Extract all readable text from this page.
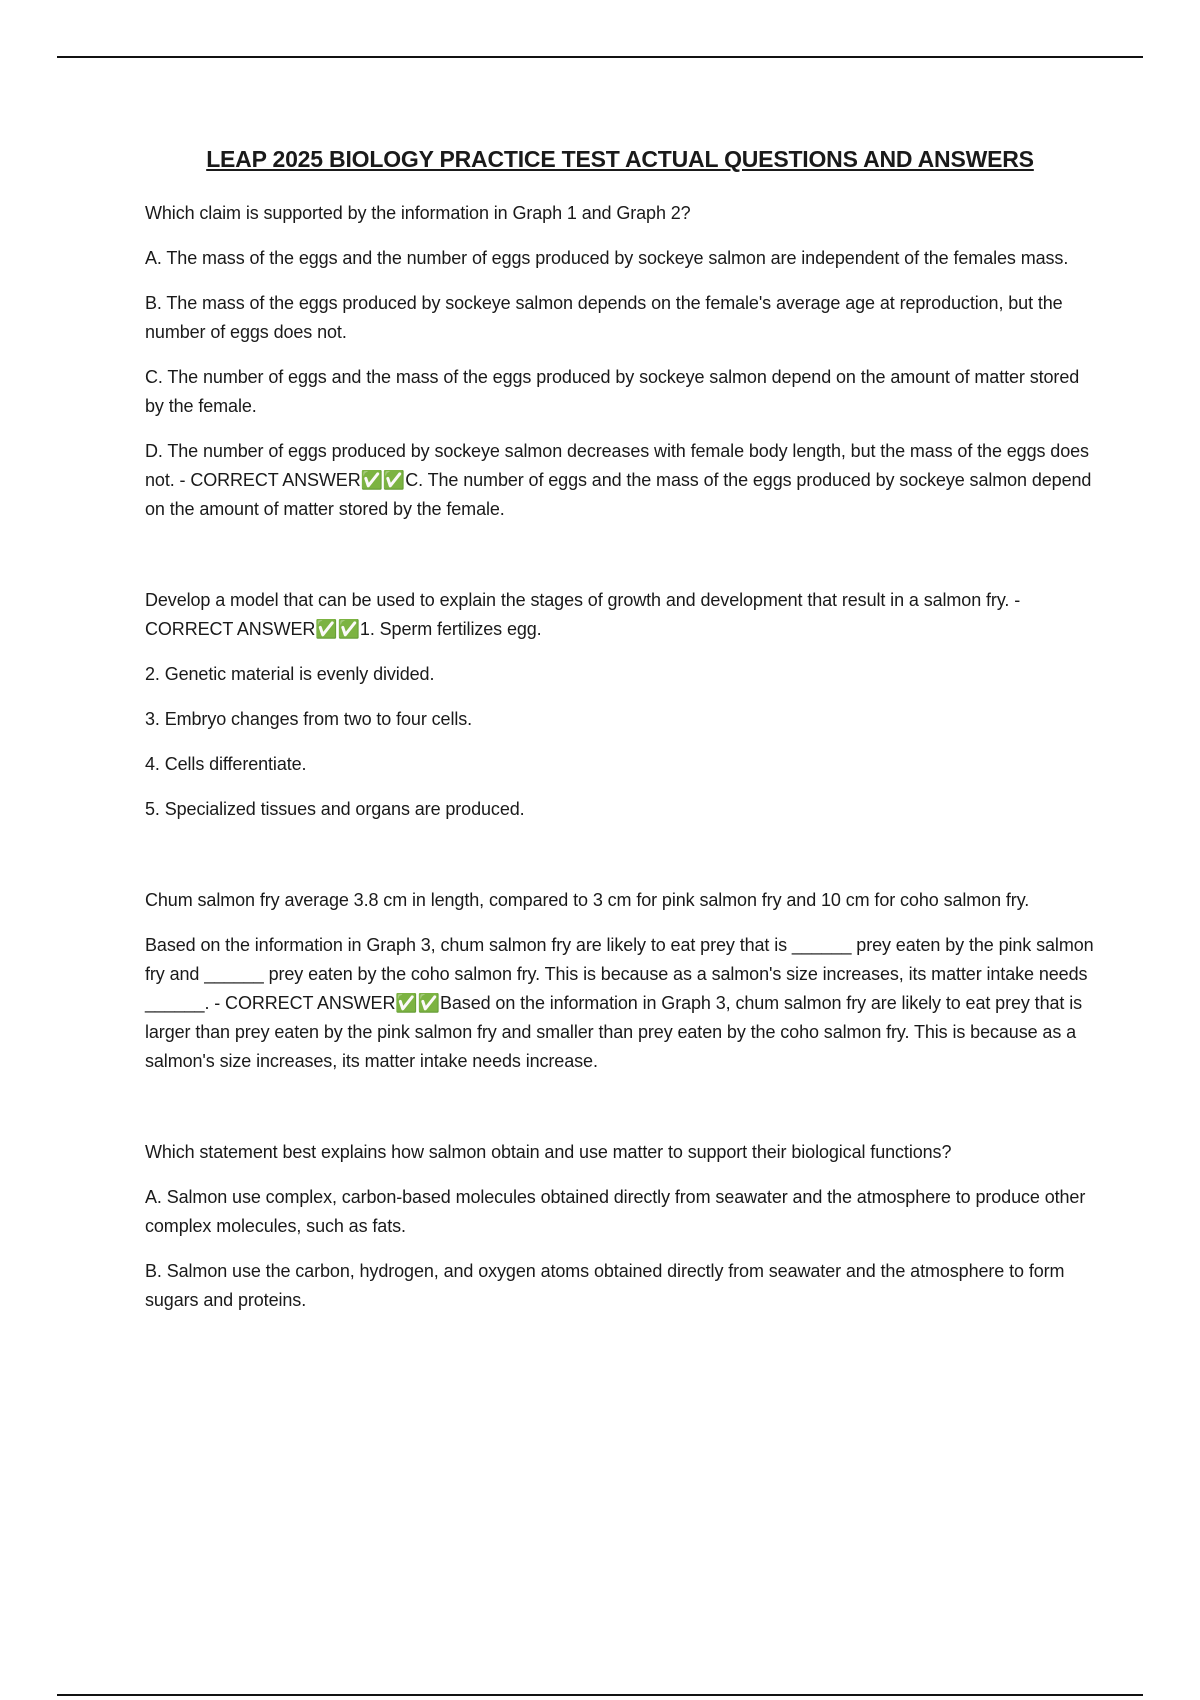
LEAP 2025 BIOLOGY PRACTICE TEST ACTUAL QUESTIONS AND ANSWERS

Which claim is supported by the information in Graph 1 and Graph 2?

A. The mass of the eggs and the number of eggs produced by sockeye salmon are independent of the females mass.

B. The mass of the eggs produced by sockeye salmon depends on the female's average age at reproduction, but the number of eggs does not.

C. The number of eggs and the mass of the eggs produced by sockeye salmon depend on the amount of matter stored by the female.

D. The number of eggs produced by sockeye salmon decreases with female body length, but the mass of the eggs does not. - CORRECT ANSWER✅✅C. The number of eggs and the mass of the eggs produced by sockeye salmon depend on the amount of matter stored by the female.

Develop a model that can be used to explain the stages of growth and development that result in a salmon fry. - CORRECT ANSWER✅✅1. Sperm fertilizes egg.

2. Genetic material is evenly divided.

3. Embryo changes from two to four cells.

4. Cells differentiate.

5. Specialized tissues and organs are produced.

Chum salmon fry average 3.8 cm in length, compared to 3 cm for pink salmon fry and 10 cm for coho salmon fry.

Based on the information in Graph 3, chum salmon fry are likely to eat prey that is ______ prey eaten by the pink salmon fry and ______ prey eaten by the coho salmon fry. This is because as a salmon's size increases, its matter intake needs ______. - CORRECT ANSWER✅✅Based on the information in Graph 3, chum salmon fry are likely to eat prey that is larger than prey eaten by the pink salmon fry and smaller than prey eaten by the coho salmon fry. This is because as a salmon's size increases, its matter intake needs increase.

Which statement best explains how salmon obtain and use matter to support their biological functions?

A. Salmon use complex, carbon-based molecules obtained directly from seawater and the atmosphere to produce other complex molecules, such as fats.

B. Salmon use the carbon, hydrogen, and oxygen atoms obtained directly from seawater and the atmosphere to form sugars and proteins.
